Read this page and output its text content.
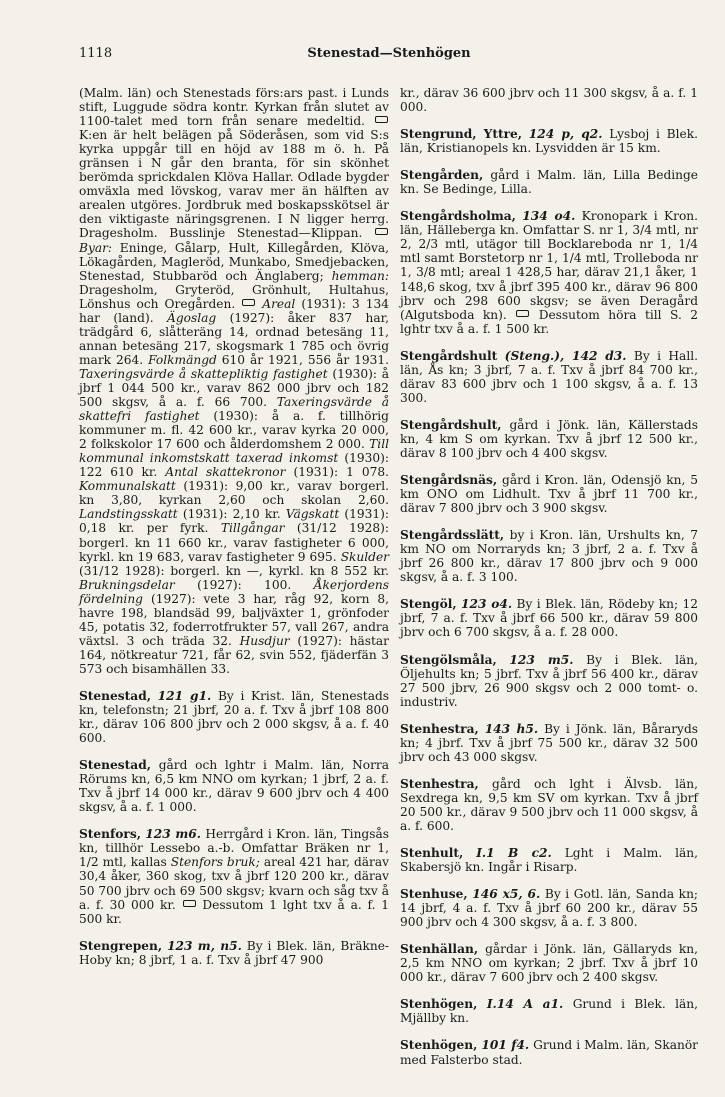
1118	Stenestad—Stenhögen
(Malm. län) och Stenestads förs:ars past. i Lunds stift, Luggude södra kontr. Kyrkan från slutet av 1100-talet med torn från senare medeltid.  K:en är helt belägen på Söderåsen, som vid S:s kyrka uppgår till en höjd av 188 m ö. h. På gränsen i N går den branta, för sin skönhet berömda sprickdalen Klöva Hallar. Odlade bygder omväxla med lövskog, varav mer än hälften av arealen utgöres. Jordbruk med boskapsskötsel är den viktigaste näringsgrenen. I N ligger herrg. Dragesholm. Busslinje Stenestad—Klippan.  Byar: Eninge, Gålarp, Hult, Killegården, Klöva, Lökagården, Magleröd, Munkabo, Smedjebacken, Stenestad, Stubbaröd och Änglaberg; hemman: Dragesholm, Gryteröd, Grönhult, Hultahus, Lönshus och Oregården. Areal (1931): 3 134 har (land). Ägoslag (1927): åker 837 har, trädgård 6, slåtteräng 14, ordnad betesäng 11, annan betesäng 217, skogsmark 1 785 och övrig mark 264. Folkmängd 610 år 1921, 556 år 1931. Taxeringsvärde å skattepliktig fastighet (1930): å jbrf 1 044 500 kr., varav 862 000 jbrv och 182 500 skgsv, å a. f. 66 700. Taxeringsvärde å skattefri fastighet (1930): å a. f. tillhörig kommuner m. fl. 42 600 kr., varav kyrka 20 000, 2 folkskolor 17 600 och ålderdomshem 2 000. Till kommunal inkomstskatt taxerad inkomst (1930): 122 610 kr. Antal skattekronor (1931): 1 078. Kommunalskatt (1931): 9,00 kr., varav borgerl. kn 3,80, kyrkan 2,60 och skolan 2,60. Landstingsskatt (1931): 2,10 kr. Vägskatt (1931): 0,18 kr. per fyrk. Tillgångar (31/12 1928): borgerl. kn 11 660 kr., varav fastigheter 6 000, kyrkl. kn 19 683, varav fastigheter 9 695. Skulder (31/12 1928): borgerl. kn —, kyrkl. kn 8 552 kr. Brukningsdelar (1927): 100. Åkerjordens fördelning (1927): vete 3 har, råg 92, korn 8, havre 198, blandsäd 99, baljväxter 1, grönfoder 45, potatis 32, foderrotfrukter 57, vall 267, andra växtsl. 3 och träda 32. Husdjur (1927): hästar 164, nötkreatur 721, får 62, svin 552, fjäderfän 3 573 och bisamhällen 33.
Stenestad, 121 g1. By i Krist. län, Stenestads kn, telefonstn; 21 jbrf, 20 a. f. Txv å jbrf 108 800 kr., därav 106 800 jbrv och 2 000 skgsv, å a. f. 40 600.
Stenestad, gård och lghtr i Malm. län, Norra Rörums kn, 6,5 km NNO om kyrkan; 1 jbrf, 2 a. f. Txv å jbrf 14 000 kr., därav 9 600 jbrv och 4 400 skgsv, å a. f. 1 000.
Stenfors, 123 m6. Herrgård i Kron. län, Tingsås kn, tillhör Lessebo a.-b. Omfattar Bräken nr 1, 1/2 mtl, kallas Stenfors bruk; areal 421 har, därav 30,4 åker, 360 skog, txv å jbrf 120 200 kr., därav 50 700 jbrv och 69 500 skgsv; kvarn och såg txv å a. f. 30 000 kr. Dessutom 1 lght txv å a. f. 1 500 kr.
Stengrepen, 123 m, n5. By i Blek. län, Bräkne-Hoby kn; 8 jbrf, 1 a. f. Txv å jbrf 47 900
kr., därav 36 600 jbrv och 11 300 skgsv, å a. f. 1 000.
Stengrund, Yttre, 124 p, q2. Lysboj i Blek. län, Kristianopels kn. Lysvidden är 15 km.
Stengården, gård i Malm. län, Lilla Bedinge kn. Se Bedinge, Lilla.
Stengårdsholma, 134 o4. Kronopark i Kron. län, Hälleberga kn. Omfattar S. nr 1, 3/4 mtl, nr 2, 2/3 mtl, utägor till Bocklareboda nr 1, 1/4 mtl samt Borstetorp nr 1, 1/4 mtl, Trolleboda nr 1, 3/8 mtl; areal 1 428,5 har, därav 21,1 åker, 1 148,6 skog, txv å jbrf 395 400 kr., därav 96 800 jbrv och 298 600 skgsv; se även Deragård (Algutsboda kn).	Dessutom höra till S. 2 lghtr txv å a. f. 1 500 kr.
Stengårdshult (Steng.), 142 d3. By i Hall. län, Ås kn; 3 jbrf, 7 a. f. Txv å jbrf 84 700 kr., därav 83 600 jbrv och 1 100 skgsv, å a. f. 13 300.
Stengårdshult, gård i Jönk. län, Källerstads kn, 4 km S om kyrkan. Txv å jbrf 12 500 kr., därav 8 100 jbrv och 4 400 skgsv.
Stengårdsnäs, gård i Kron. län, Odensjö kn, 5 km ONO om Lidhult. Txv å jbrf 11 700 kr., därav 7 800 jbrv och 3 900 skgsv.
Stengårdsslätt, by i Kron. län, Urshults kn, 7 km NO om Norraryds kn; 3 jbrf, 2 a. f. Txv å jbrf 26 800 kr., därav 17 800 jbrv och 9 000 skgsv, å a. f. 3 100.
Stengöl, 123 o4. By i Blek. län, Rödeby kn; 12 jbrf, 7 a. f. Txv å jbrf 66 500 kr., därav 59 800 jbrv och 6 700 skgsv, å a. f. 28 000.
Stengölsmåla, 123 m5. By i Blek. län, Öljehults kn; 5 jbrf. Txv å jbrf 56 400 kr., därav 27 500 jbrv, 26 900 skgsv och 2 000 tomt- o. industriv.
Stenhestra, 143 h5. By i Jönk. län, Båraryds kn; 4 jbrf. Txv å jbrf 75 500 kr., därav 32 500 jbrv och 43 000 skgsv.
Stenhestra, gård och lght i Älvsb. län, Sexdrega kn, 9,5 km SV om kyrkan. Txv å jbrf 20 500 kr., därav 9 500 jbrv och 11 000 skgsv, å a. f. 600.
Stenhult, I.1 B c2. Lght i Malm. län, Skabersjö kn. Ingår i Risarp.
Stenhuse, 146 x5, 6. By i Gotl. län, Sanda kn; 14 jbrf, 4 a. f. Txv å jbrf 60 200 kr., därav 55 900 jbrv och 4 300 skgsv, å a. f. 3 800.
Stenhällan, gårdar i Jönk. län, Gällaryds kn, 2,5 km NNO om kyrkan; 2 jbrf. Txv å jbrf 10 000 kr., därav 7 600 jbrv och 2 400 skgsv.
Stenhögen, I.14 A a1. Grund i Blek. län, Mjällby kn.
Stenhögen, 101 f4. Grund i Malm. län, Skanör med Falsterbo stad.
